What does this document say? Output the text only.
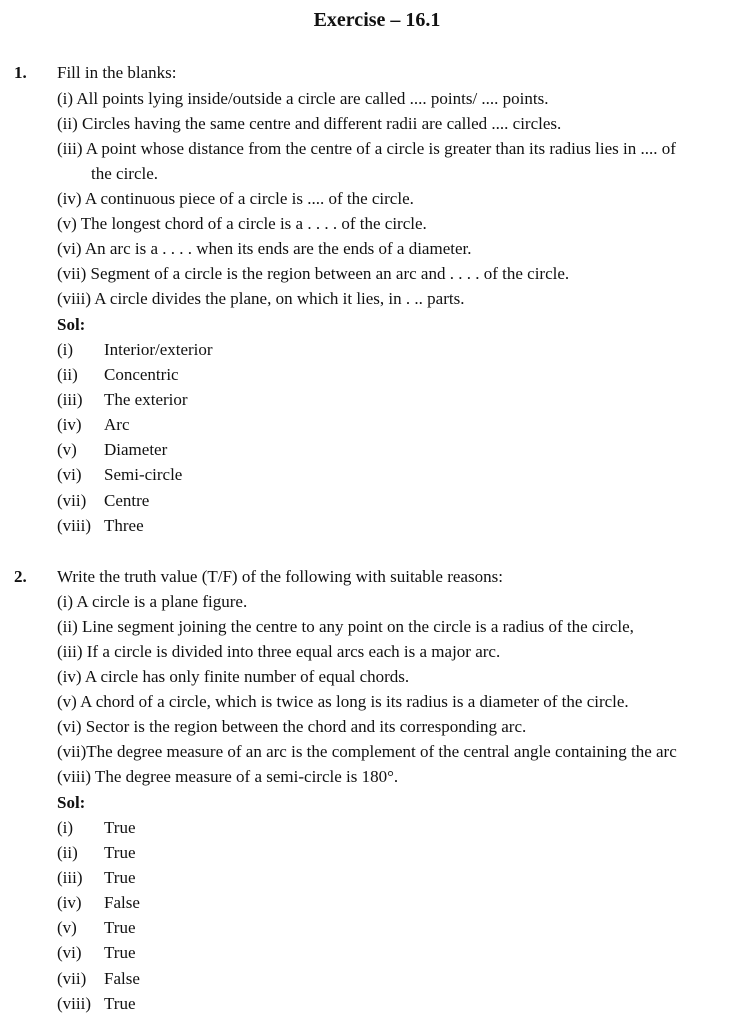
Exercise – 16.1
1. Fill in the blanks:
(i) All points lying inside/outside a circle are called .... points/ .... points.
(ii) Circles having the same centre and different radii are called .... circles.
(iii) A point whose distance from the centre of a circle is greater than its radius lies in .... of
the circle.
(iv) A continuous piece of a circle is .... of the circle.
(v) The longest chord of a circle is a . . . . of the circle.
(vi) An arc is a . . . . when its ends are the ends of a diameter.
(vii) Segment of a circle is the region between an arc and . . . . of the circle.
(viii) A circle divides the plane, on which it lies, in . .. parts.
Sol:
(i) Interior/exterior
(ii) Concentric
(iii) The exterior
(iv) Arc
(v) Diameter
(vi) Semi-circle
(vii) Centre
(viii) Three
2. Write the truth value (T/F) of the following with suitable reasons:
(i) A circle is a plane figure.
(ii) Line segment joining the centre to any point on the circle is a radius of the circle,
(iii) If a circle is divided into three equal arcs each is a major arc.
(iv) A circle has only finite number of equal chords.
(v) A chord of a circle, which is twice as long is its radius is a diameter of the circle.
(vi) Sector is the region between the chord and its corresponding arc.
(vii)The degree measure of an arc is the complement of the central angle containing the arc
(viii) The degree measure of a semi-circle is 180°.
Sol:
(i) True
(ii) True
(iii) True
(iv) False
(v) True
(vi) True
(vii) False
(viii) True
